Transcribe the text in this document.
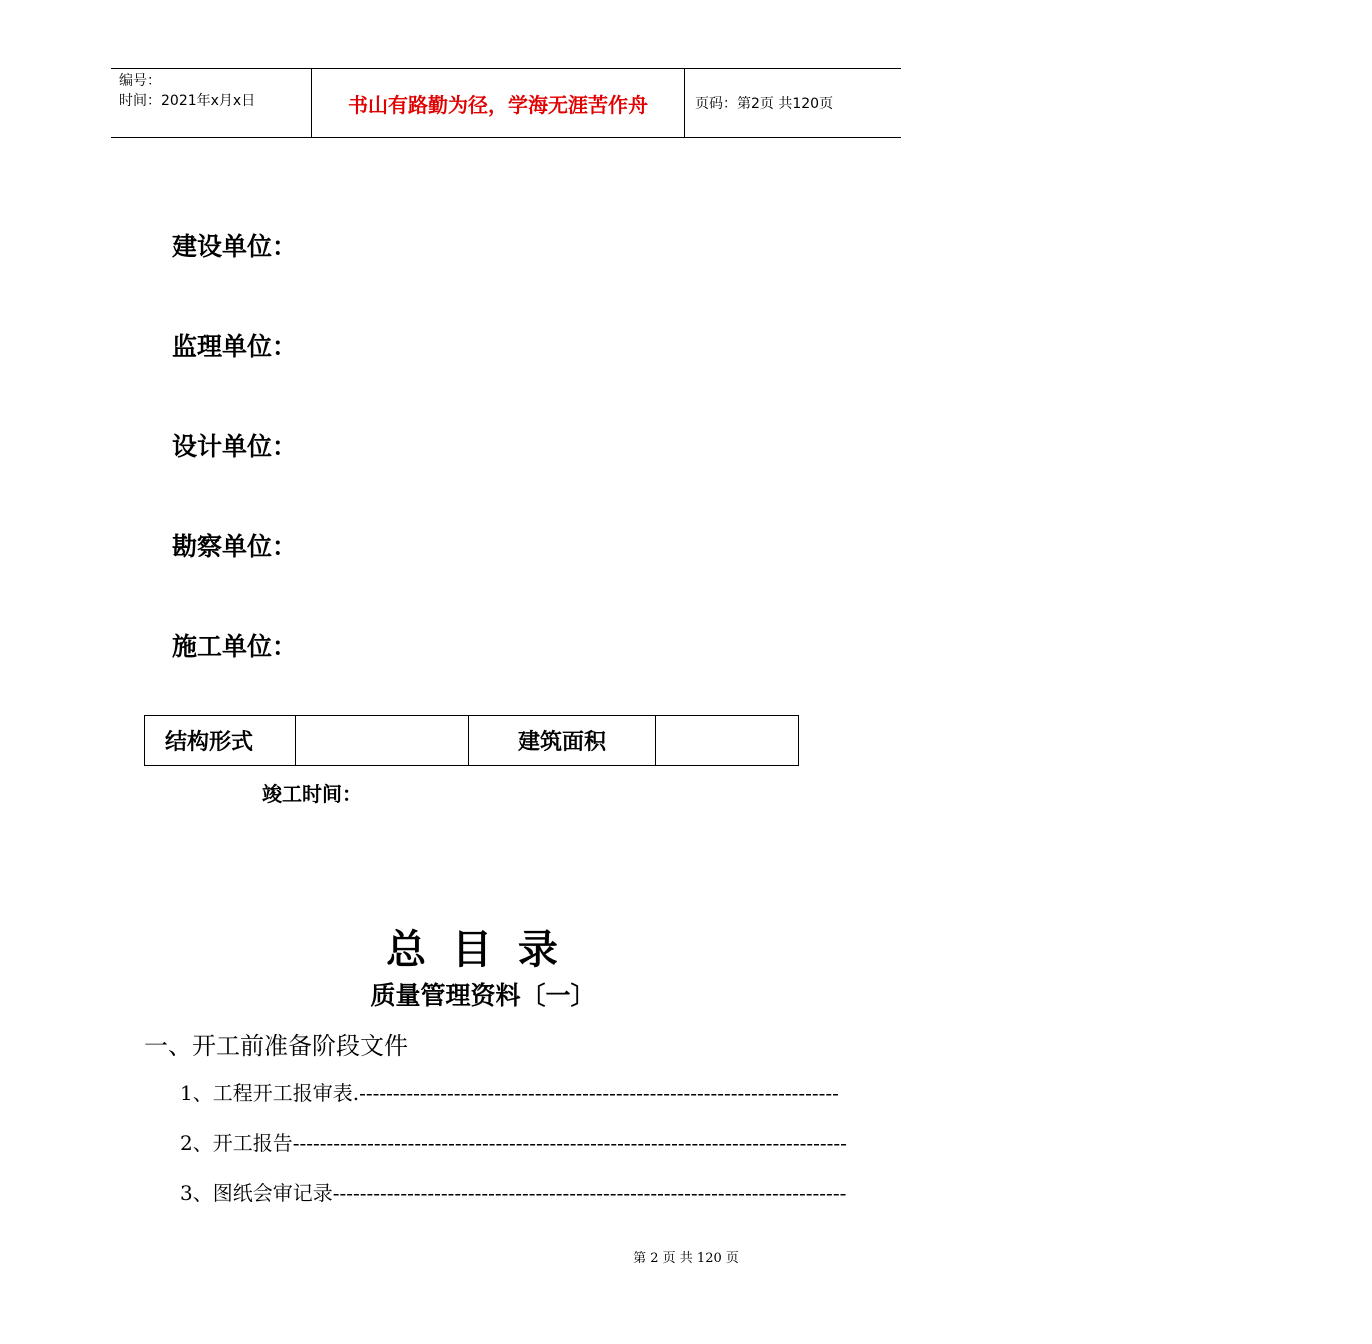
编号：
时间：2021年x月x日	书山有路勤为径，学海无涯苦作舟	页码：第2页 共120页
建设单位：
监理单位：
设计单位：
勘察单位：
施工单位：
结构形式	建筑面积
竣工时间：
总 目 录
质量管理资料〔一〕
一、开工前准备阶段文件
1、工程开工报审表. -----------------------------------------------------------------------
2、开工报告 ----------------------------------------------------------------------------------
3、图纸会审记录 ----------------------------------------------------------------------------
第 2 页 共 120 页
